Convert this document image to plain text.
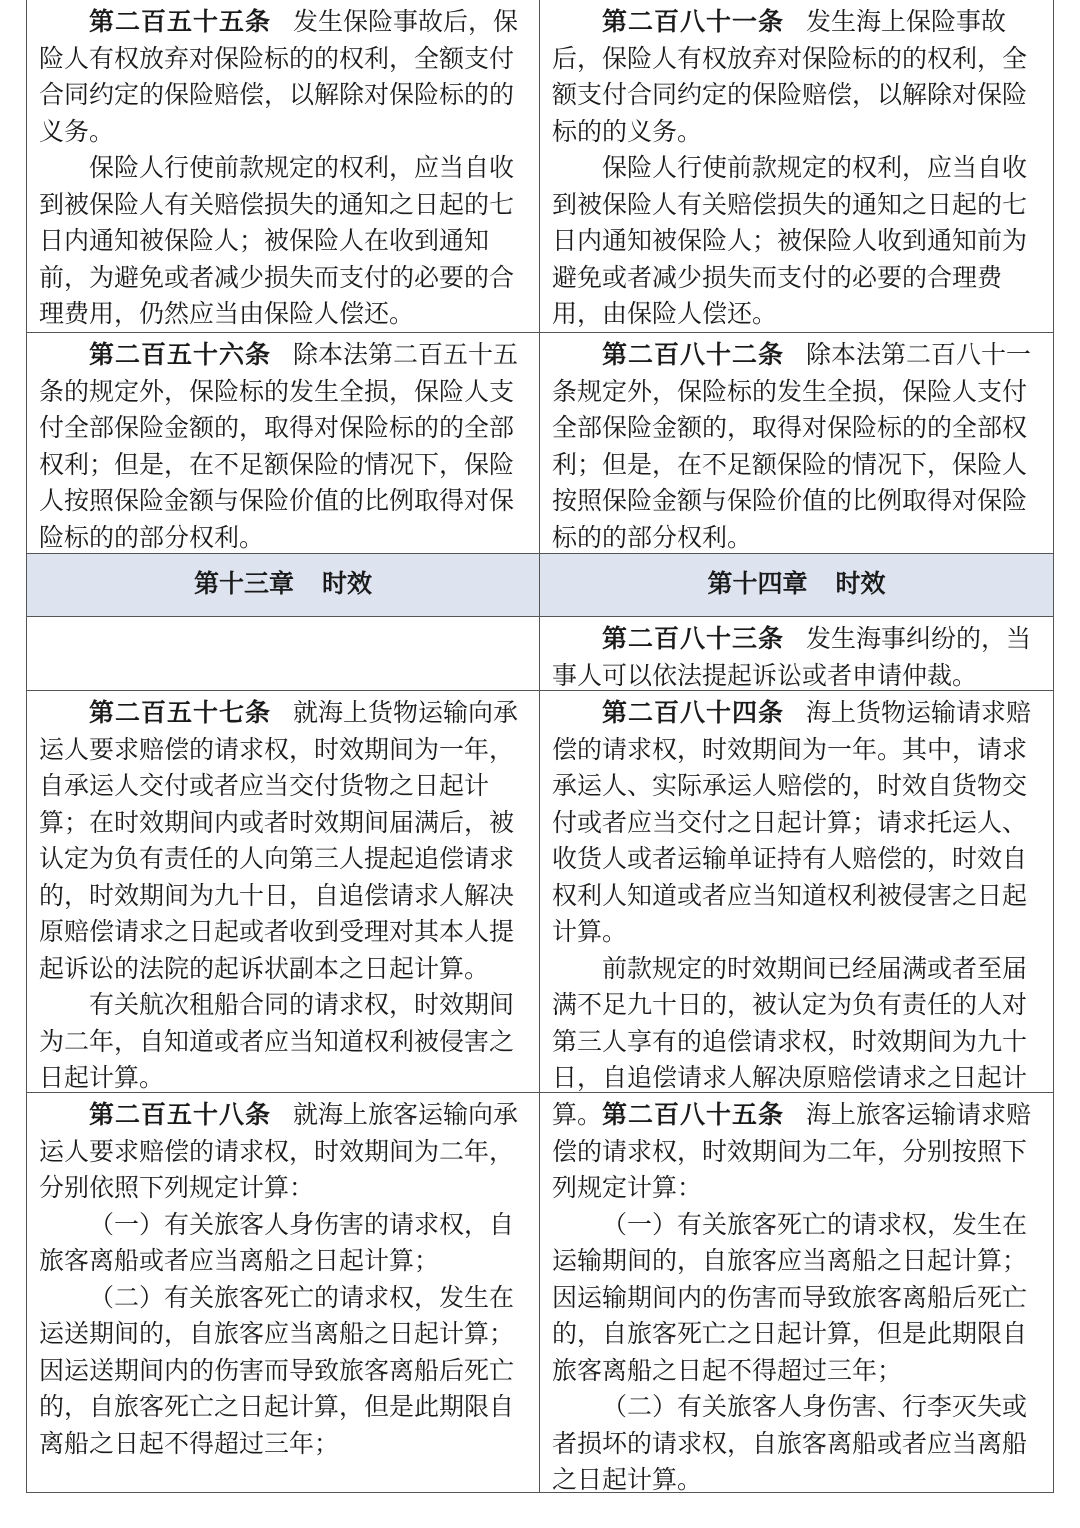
第二百五十五条 发生保险事故后，保险人有权放弃对保险标的的权利，全额支付合同约定的保险赔偿，以解除对保险标的的义务。

保险人行使前款规定的权利，应当自收到被保险人有关赔偿损失的通知之日起的七日内通知被保险人；被保险人在收到通知前，为避免或者减少损失而支付的必要的合理费用，仍然应当由保险人偿还。

第二百八十一条 发生海上保险事故后，保险人有权放弃对保险标的的权利，全额支付合同约定的保险赔偿，以解除对保险标的的义务。

保险人行使前款规定的权利，应当自收到被保险人有关赔偿损失的通知之日起的七日内通知被保险人；被保险人收到通知前为避免或者减少损失而支付的必要的合理费用，由保险人偿还。

第二百五十六条 除本法第二百五十五条的规定外，保险标的发生全损，保险人支付全部保险金额的，取得对保险标的的全部权利；但是，在不足额保险的情况下，保险人按照保险金额与保险价值的比例取得对保险标的的部分权利。

第二百八十二条 除本法第二百八十一条规定外，保险标的发生全损，保险人支付全部保险金额的，取得对保险标的的全部权利；但是，在不足额保险的情况下，保险人按照保险金额与保险价值的比例取得对保险标的的部分权利。

第十三章 时效	第十四章 时效

第二百八十三条 发生海事纠纷的，当事人可以依法提起诉讼或者申请仲裁。

第二百五十七条 就海上货物运输向承运人要求赔偿的请求权，时效期间为一年，自承运人交付或者应当交付货物之日起计算；在时效期间内或者时效期间届满后，被认定为负有责任的人向第三人提起追偿请求的，时效期间为九十日，自追偿请求人解决原赔偿请求之日起或者收到受理对其本人提起诉讼的法院的起诉状副本之日起计算。

有关航次租船合同的请求权，时效期间为二年，自知道或者应当知道权利被侵害之日起计算。

第二百八十四条 海上货物运输请求赔偿的请求权，时效期间为一年。其中，请求承运人、实际承运人赔偿的，时效自货物交付或者应当交付之日起计算；请求托运人、收货人或者运输单证持有人赔偿的，时效自权利人知道或者应当知道权利被侵害之日起计算。

前款规定的时效期间已经届满或者至届满不足九十日的，被认定为负有责任的人对第三人享有的追偿请求权，时效期间为九十日，自追偿请求人解决原赔偿请求之日起计算。

第二百五十八条 就海上旅客运输向承运人要求赔偿的请求权，时效期间为二年，分别依照下列规定计算：

（一）有关旅客人身伤害的请求权，自旅客离船或者应当离船之日起计算；

（二）有关旅客死亡的请求权，发生在运送期间的，自旅客应当离船之日起计算；因运送期间内的伤害而导致旅客离船后死亡的，自旅客死亡之日起计算，但是此期限自离船之日起不得超过三年；

第二百八十五条 海上旅客运输请求赔偿的请求权，时效期间为二年，分别按照下列规定计算：

（一）有关旅客死亡的请求权，发生在运输期间的，自旅客应当离船之日起计算；因运输期间内的伤害而导致旅客离船后死亡的，自旅客死亡之日起计算，但是此期限自旅客离船之日起不得超过三年；

（二）有关旅客人身伤害、行李灭失或者损坏的请求权，自旅客离船或者应当离船之日起计算。
